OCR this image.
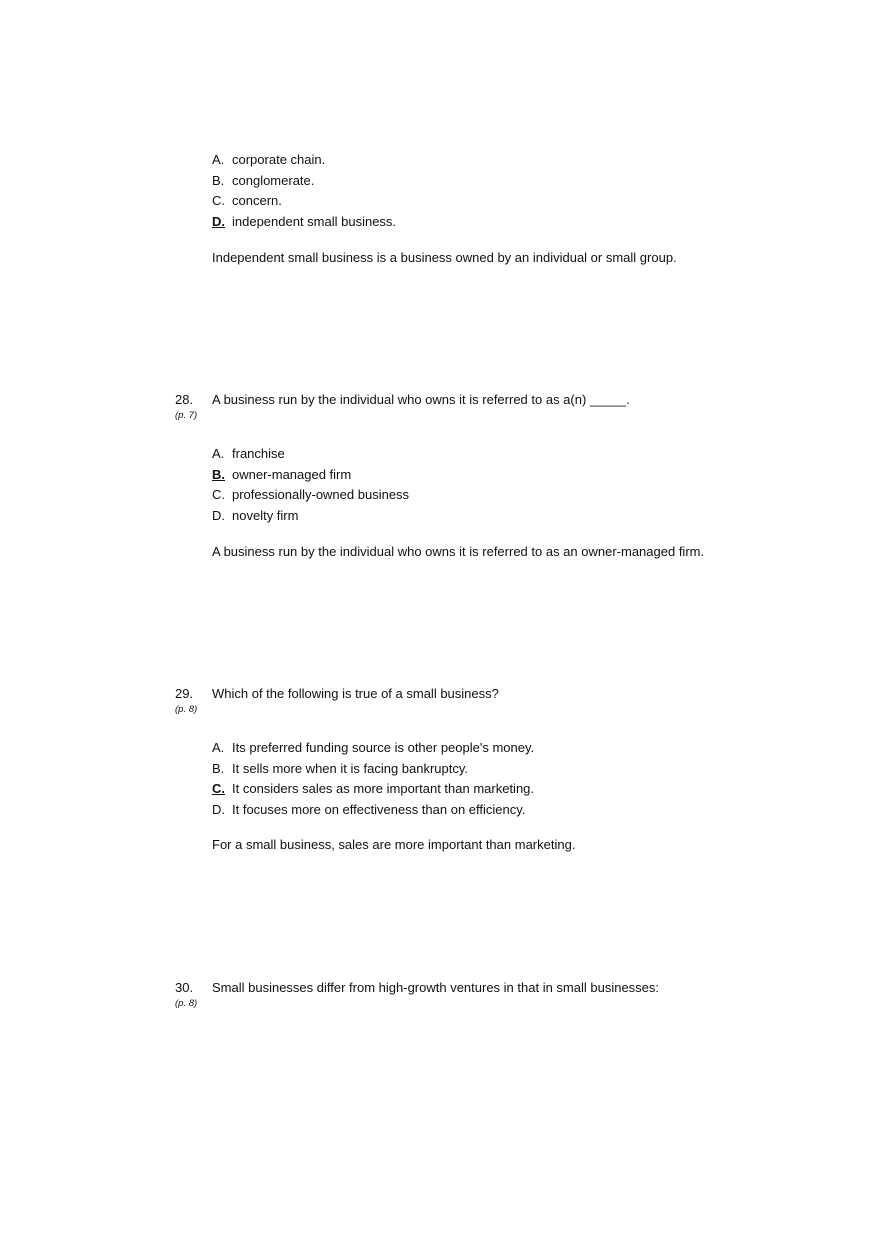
A. corporate chain.
B. conglomerate.
C. concern.
D. independent small business.
Independent small business is a business owned by an individual or small group.
28.
(p. 7)
A business run by the individual who owns it is referred to as a(n) _____.
A. franchise
B. owner-managed firm
C. professionally-owned business
D. novelty firm
A business run by the individual who owns it is referred to as an owner-managed firm.
29.
(p. 8)
Which of the following is true of a small business?
A. Its preferred funding source is other people's money.
B. It sells more when it is facing bankruptcy.
C. It considers sales as more important than marketing.
D. It focuses more on effectiveness than on efficiency.
For a small business, sales are more important than marketing.
30.
(p. 8)
Small businesses differ from high-growth ventures in that in small businesses:
